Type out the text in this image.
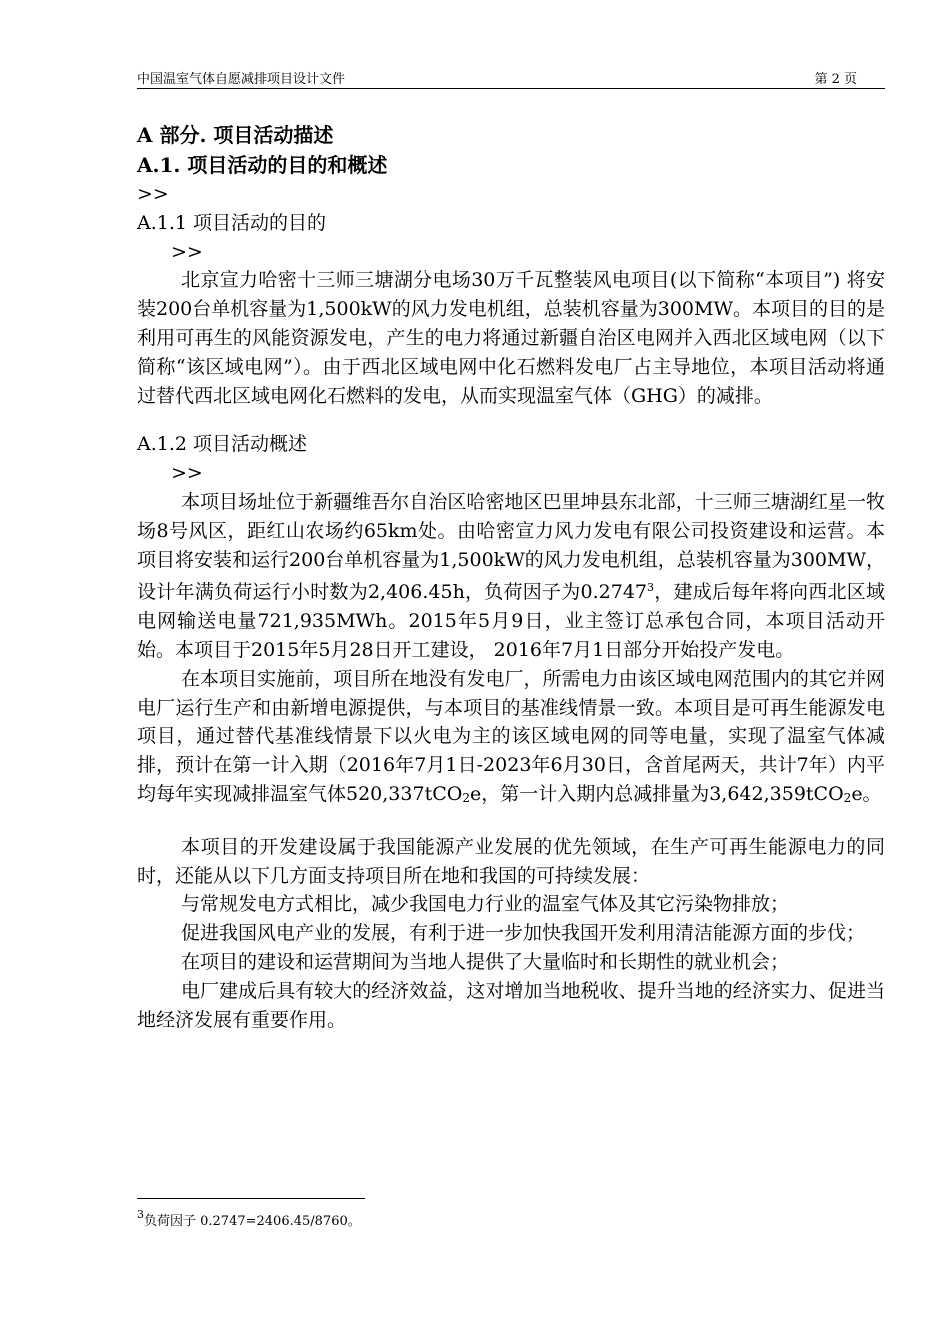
中国温室气体自愿减排项目设计文件	第 2 页

A 部分. 项目活动描述

A.1. 项目活动的目的和概述

>>

A.1.1 项目活动的目的

>>

北京宣力哈密十三师三塘湖分电场30万千瓦整装风电项目(以下简称“本项目”) 将安装200台单机容量为1,500kW的风力发电机组，总装机容量为300MW。本项目的目的是利用可再生的风能资源发电，产生的电力将通过新疆自治区电网并入西北区域电网（以下简称“该区域电网”）。由于西北区域电网中化石燃料发电厂占主导地位，本项目活动将通过替代西北区域电网化石燃料的发电，从而实现温室气体（GHG）的减排。

A.1.2 项目活动概述

>>

本项目场址位于新疆维吾尔自治区哈密地区巴里坤县东北部，十三师三塘湖红星一牧场8号风区，距红山农场约65km处。由哈密宣力风力发电有限公司投资建设和运营。本项目将安装和运行200台单机容量为1,500kW的风力发电机组，总装机容量为300MW，设计年满负荷运行小时数为2,406.45h，负荷因子为0.2747$^3$，建成后每年将向西北区域电网输送电量721,935MWh。2015年5月9日，业主签订总承包合同，本项目活动开始。本项目于2015年5月28日开工建设， 2016年7月1日部分开始投产发电。

在本项目实施前，项目所在地没有发电厂，所需电力由该区域电网范围内的其它并网电厂运行生产和由新增电源提供，与本项目的基准线情景一致。本项目是可再生能源发电项目，通过替代基准线情景下以火电为主的该区域电网的同等电量，实现了温室气体减排，预计在第一计入期（2016年7月1日-2023年6月30日，含首尾两天，共计7年）内平均每年实现减排温室气体520,337tCO2e，第一计入期内总减排量为3,642,359tCO2e。

本项目的开发建设属于我国能源产业发展的优先领域，在生产可再生能源电力的同时，还能从以下几方面支持项目所在地和我国的可持续发展：

与常规发电方式相比，减少我国电力行业的温室气体及其它污染物排放；

促进我国风电产业的发展，有利于进一步加快我国开发利用清洁能源方面的步伐；

在项目的建设和运营期间为当地人提供了大量临时和长期性的就业机会；

电厂建成后具有较大的经济效益，这对增加当地税收、提升当地的经济实力、促进当地经济发展有重要作用。

$^3$负荷因子 0.2747=2406.45/8760。
